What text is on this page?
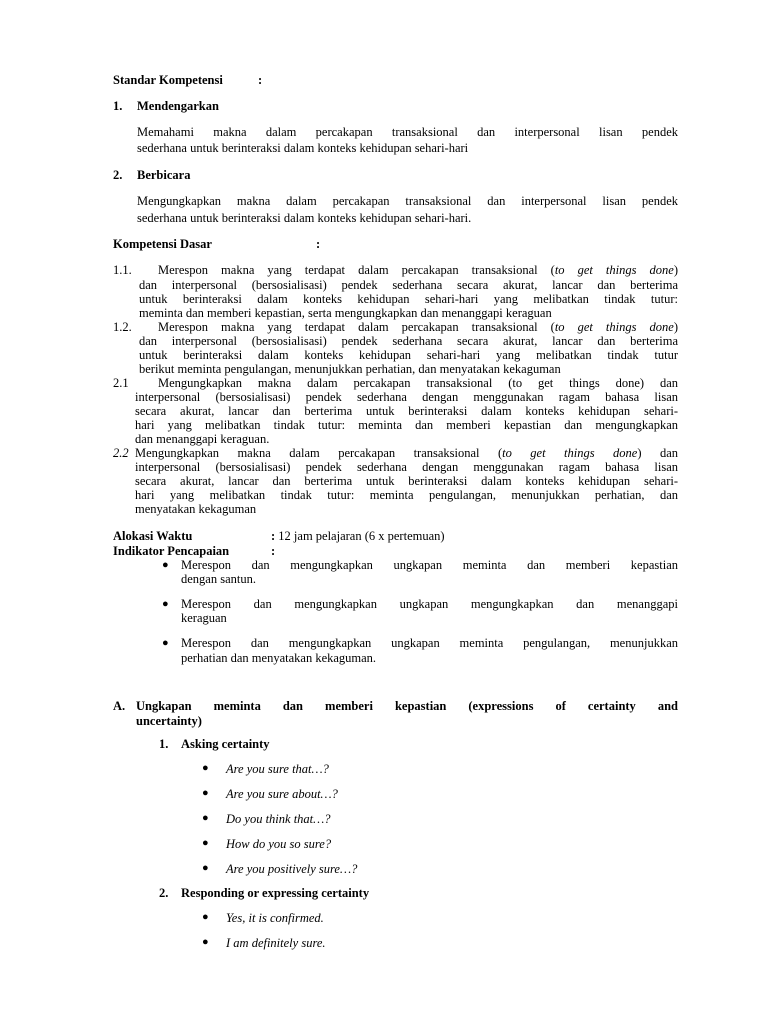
Standar Kompetensi	:
1. Mendengarkan
Memahami makna dalam percakapan transaksional dan interpersonal lisan pendek
sederhana untuk berinteraksi dalam konteks kehidupan sehari-hari
2. Berbicara
Mengungkapkan makna dalam percakapan transaksional dan interpersonal lisan pendek
sederhana untuk berinteraksi dalam konteks kehidupan sehari-hari.
Kompetensi Dasar	:
1.1. Merespon makna yang terdapat dalam percakapan transaksional (to get things done)
dan interpersonal (bersosialisasi) pendek sederhana secara akurat, lancar dan berterima
untuk berinteraksi dalam konteks kehidupan sehari-hari yang melibatkan tindak tutur:
meminta dan memberi kepastian, serta mengungkapkan dan menanggapi keraguan
1.2. Merespon makna yang terdapat dalam percakapan transaksional (to get things done)
dan interpersonal (bersosialisasi) pendek sederhana secara akurat, lancar dan berterima
untuk berinteraksi dalam konteks kehidupan sehari-hari yang melibatkan tindak tutur
berikut meminta pengulangan, menunjukkan perhatian, dan menyatakan kekaguman
2.1 Mengungkapkan makna dalam percakapan transaksional (to get things done) dan
interpersonal (bersosialisasi) pendek sederhana dengan menggunakan ragam bahasa lisan
secara akurat, lancar dan berterima untuk berinteraksi dalam konteks kehidupan sehari-
hari yang melibatkan tindak tutur: meminta dan memberi kepastian dan mengungkapkan
dan menanggapi keraguan.
2.2 Mengungkapkan makna dalam percakapan transaksional (to get things done) dan
interpersonal (bersosialisasi) pendek sederhana dengan menggunakan ragam bahasa lisan
secara akurat, lancar dan berterima untuk berinteraksi dalam konteks kehidupan sehari-
hari yang melibatkan tindak tutur: meminta pengulangan, menunjukkan perhatian, dan
menyatakan kekaguman
Alokasi Waktu	: 12 jam pelajaran (6 x pertemuan)
Indikator Pencapaian	:
● Merespon dan mengungkapkan ungkapan meminta dan memberi kepastian
dengan santun.
● Merespon dan mengungkapkan ungkapan mengungkapkan dan menanggapi
keraguan
● Merespon dan mengungkapkan ungkapan meminta pengulangan, menunjukkan
perhatian dan menyatakan kekaguman.
A. Ungkapan meminta dan memberi kepastian (expressions of certainty and
uncertainty)
1. Asking certainty
● Are you sure that…?
● Are you sure about…?
● Do you think that…?
● How do you so sure?
● Are you positively sure…?
2. Responding or expressing certainty
● Yes, it is confirmed.
● I am definitely sure.
